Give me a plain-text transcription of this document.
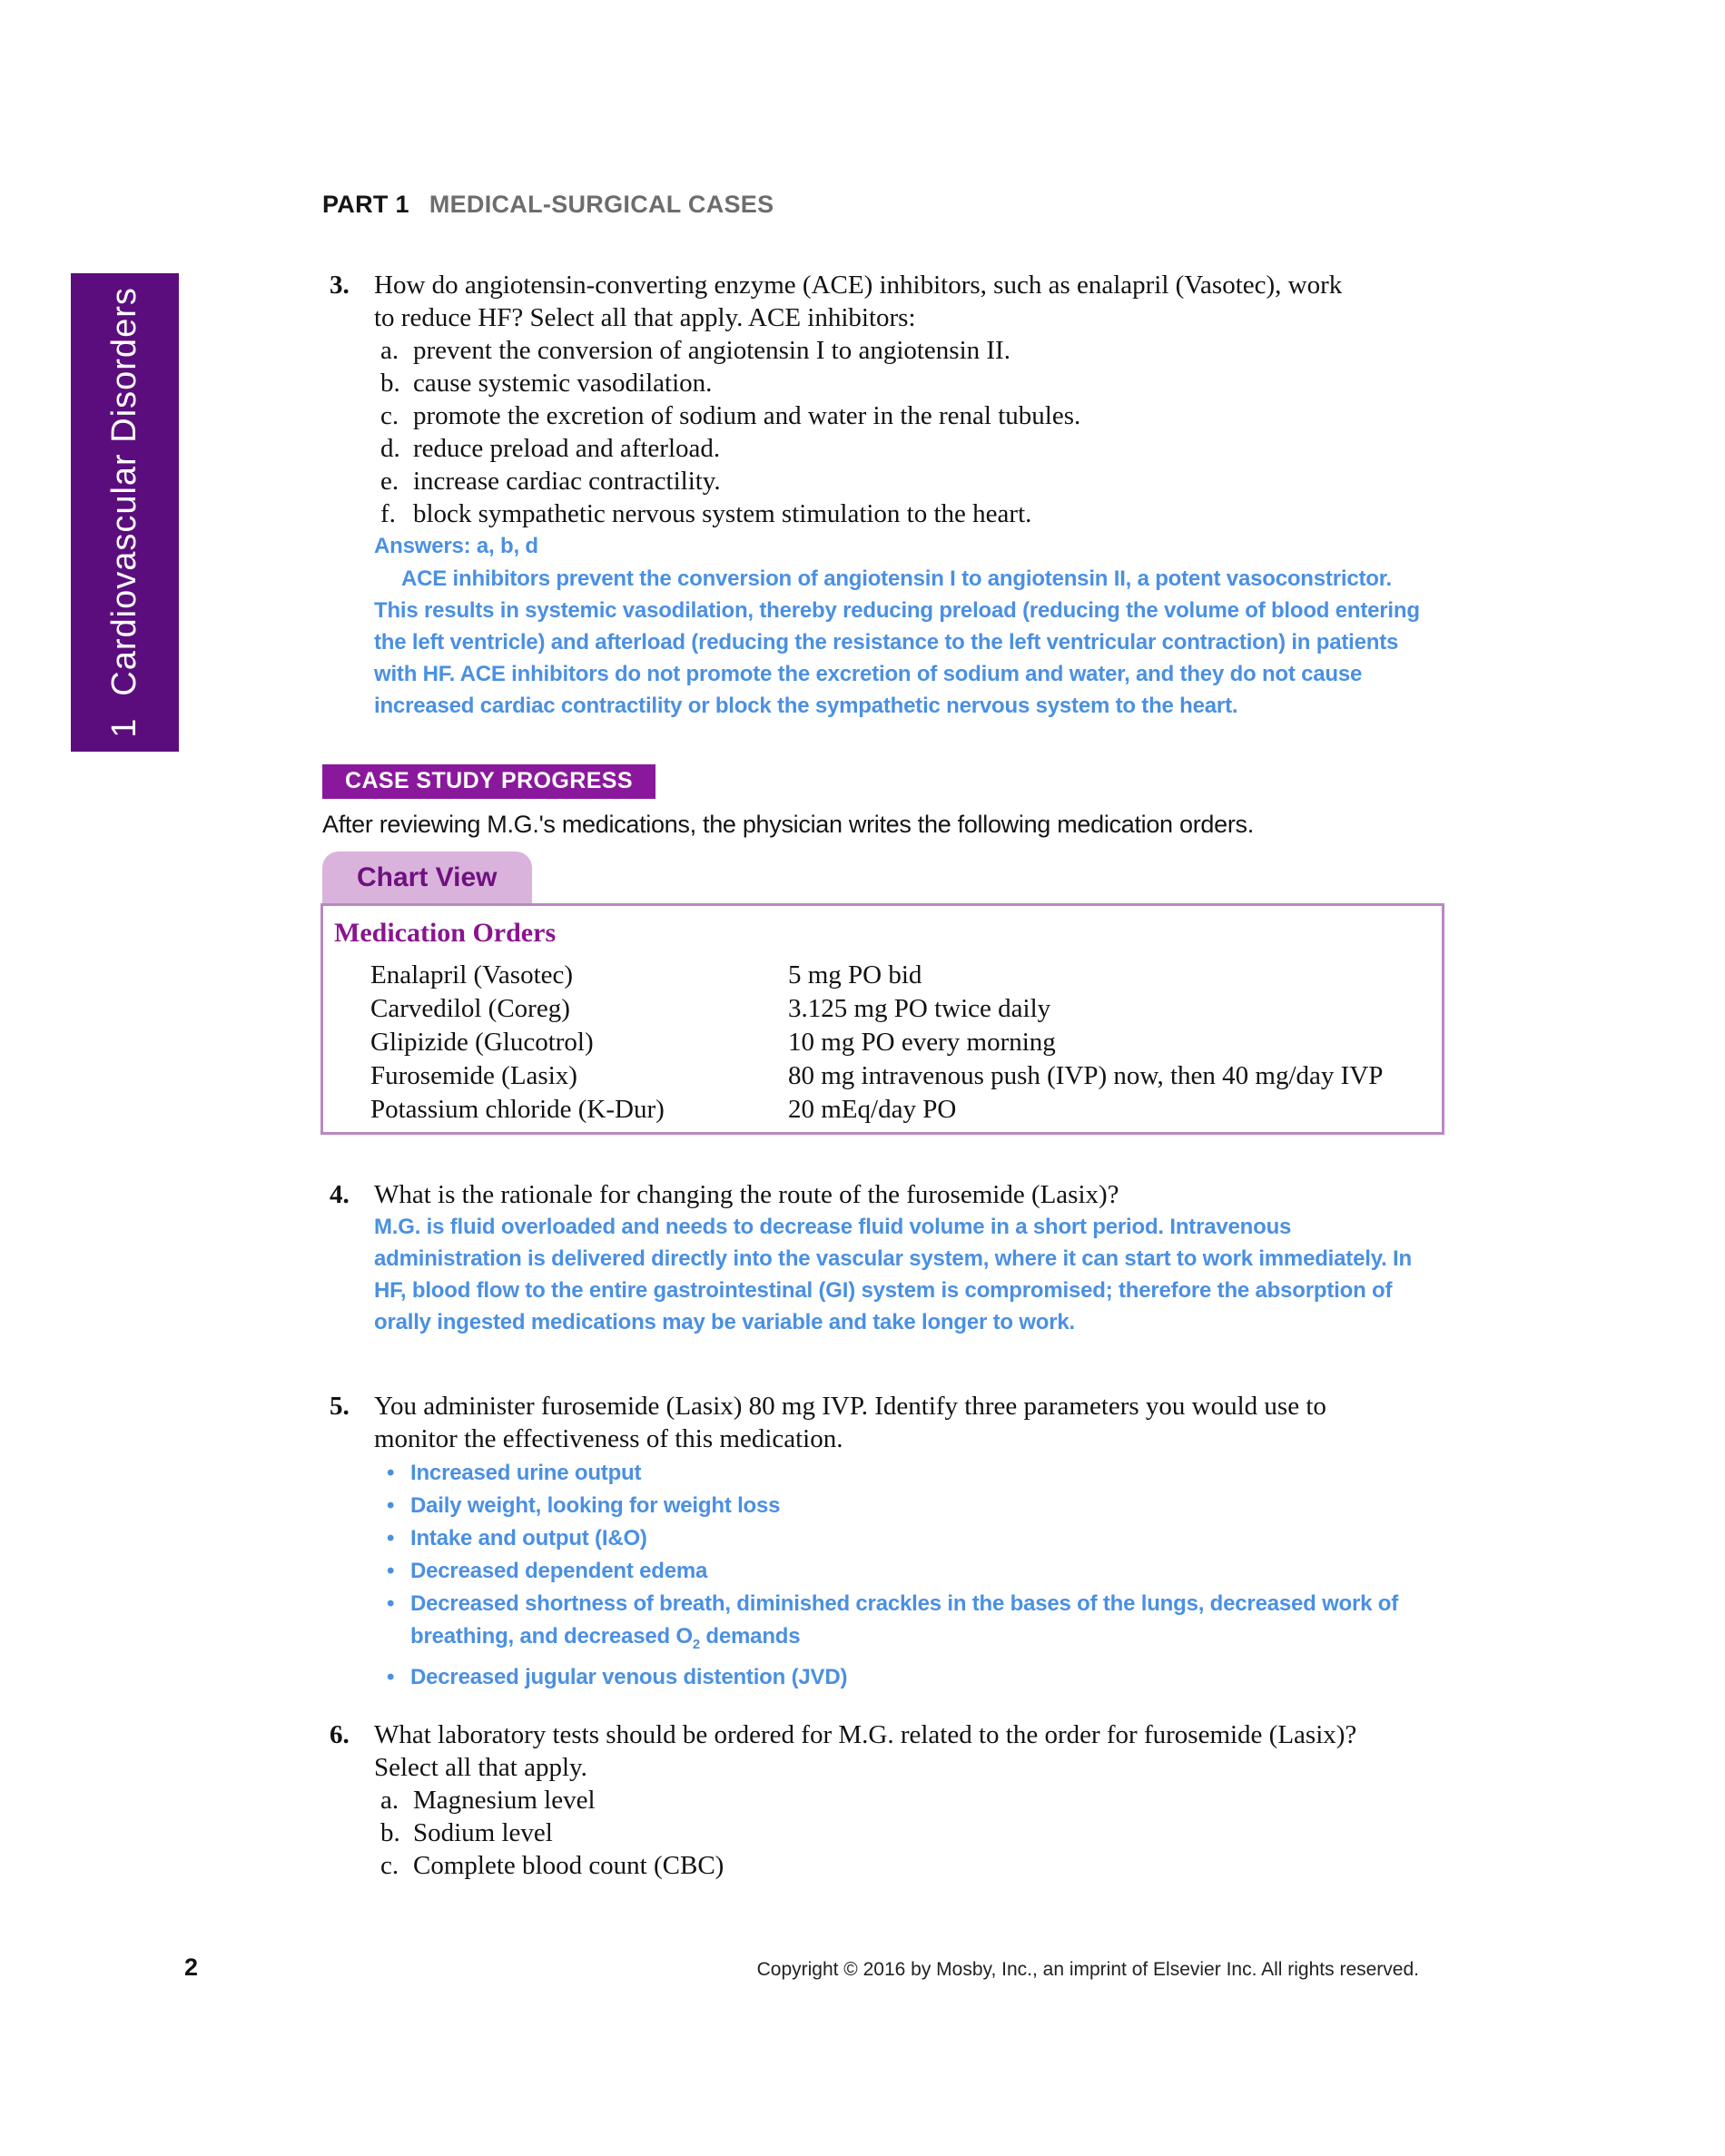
1
Cardiovascular Disorders
PART 1 MEDICAL-SURGICAL CASES
3. How do angiotensin-converting enzyme (ACE) inhibitors, such as enalapril (Vasotec), work
to reduce HF? Select all that apply. ACE inhibitors:
a. prevent the conversion of angiotensin I to angiotensin II.
b. cause systemic vasodilation.
c. promote the excretion of sodium and water in the renal tubules.
d. reduce preload and afterload.
e. increase cardiac contractility.
f. block sympathetic nervous system stimulation to the heart.
Answers: a, b, d

ACE inhibitors prevent the conversion of angiotensin I to angiotensin II, a potent vasoconstrictor. This results in systemic vasodilation, thereby reducing preload (reducing the volume of blood entering the left ventricle) and afterload (reducing the resistance to the left ventricular contraction) in patients with HF. ACE inhibitors do not promote the excretion of sodium and water, and they do not cause increased cardiac contractility or block the sympathetic nervous system to the heart.

CASE STUDY PROGRESS
After reviewing M.G.'s medications, the physician writes the following medication orders.
Chart View
Medication Orders
Enalapril (Vasotec)	5 mg PO bid
Carvedilol (Coreg)	3.125 mg PO twice daily
Glipizide (Glucotrol)	10 mg PO every morning
Furosemide (Lasix)	80 mg intravenous push (IVP) now, then 40 mg/day IVP
Potassium chloride (K-Dur)	20 mEq/day PO
4. What is the rationale for changing the route of the furosemide (Lasix)?

M.G. is fluid overloaded and needs to decrease fluid volume in a short period. Intravenous administration is delivered directly into the vascular system, where it can start to work immediately. In HF, blood flow to the entire gastrointestinal (GI) system is compromised; therefore the absorption of orally ingested medications may be variable and take longer to work.

5. You administer furosemide (Lasix) 80 mg IVP. Identify three parameters you would use to
monitor the effectiveness of this medication.
• Increased urine output
• Daily weight, looking for weight loss
• Intake and output (I&O)
• Decreased dependent edema
• Decreased shortness of breath, diminished crackles in the bases of the lungs, decreased work of breathing, and decreased $O_2$ demands
• Decreased jugular venous distention (JVD)
6. What laboratory tests should be ordered for M.G. related to the order for furosemide (Lasix)?
Select all that apply.
a. Magnesium level
b. Sodium level
c. Complete blood count (CBC)
2	Copyright © 2016 by Mosby, Inc., an imprint of Elsevier Inc. All rights reserved.
